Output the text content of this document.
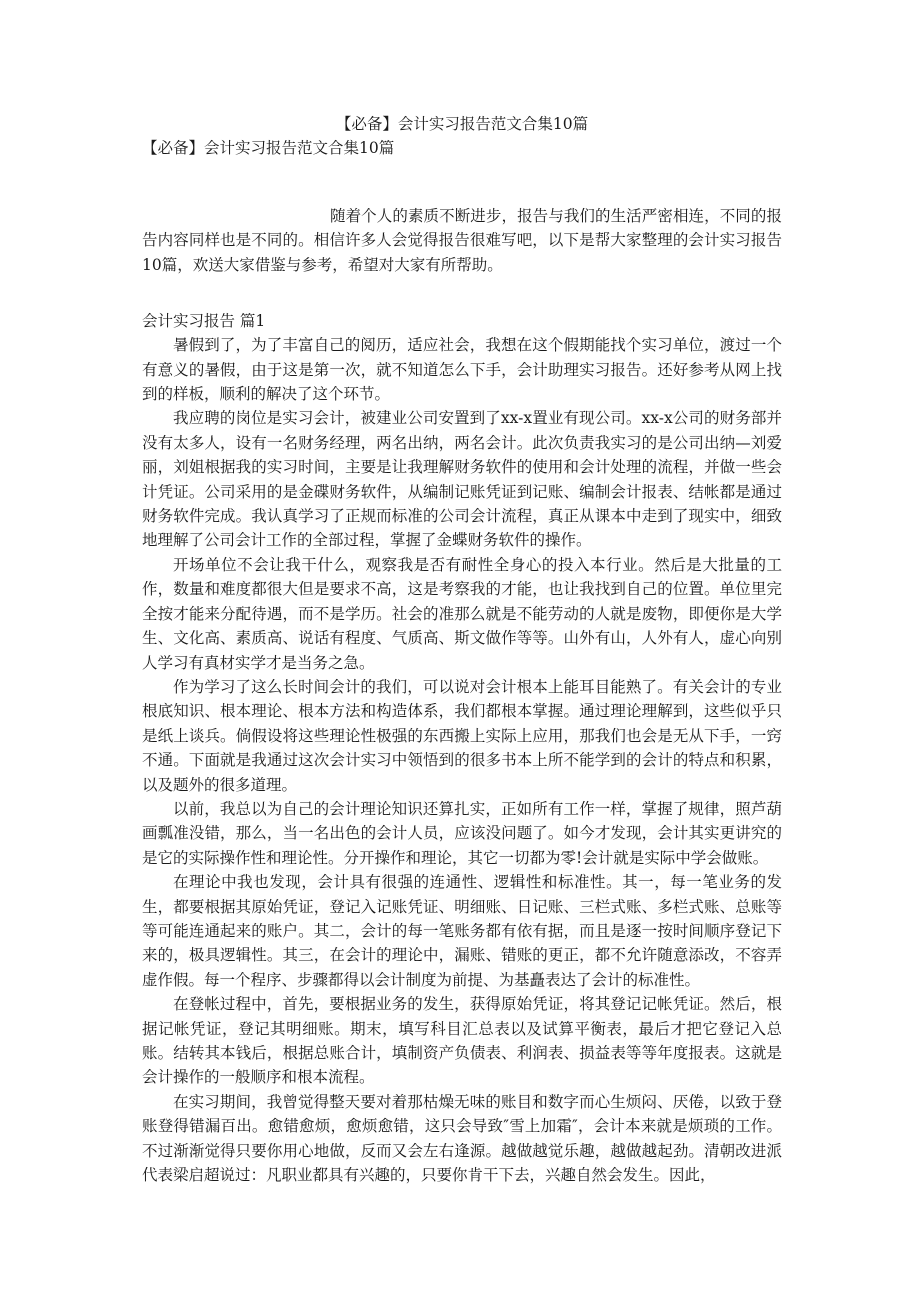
【必备】会计实习报告范文合集10篇
【必备】会计实习报告范文合集10篇

随着个人的素质不断进步，报告与我们的生活严密相连，不同的报告内容同样也是不同的。相信许多人会觉得报告很难写吧，以下是帮大家整理的会计实习报告10篇，欢送大家借鉴与参考，希望对大家有所帮助。

会计实习报告 篇1

暑假到了，为了丰富自己的阅历，适应社会，我想在这个假期能找个实习单位，渡过一个有意义的暑假，由于这是第一次，就不知道怎么下手，会计助理实习报告。还好参考从网上找到的样板，顺利的解决了这个环节。

我应聘的岗位是实习会计，被建业公司安置到了xx-x置业有现公司。xx-x公司的财务部并没有太多人，设有一名财务经理，两名出纳，两名会计。此次负责我实习的是公司出纳—刘爱丽，刘姐根据我的实习时间，主要是让我理解财务软件的使用和会计处理的流程，并做一些会计凭证。公司采用的是金碟财务软件，从编制记账凭证到记账、编制会计报表、结帐都是通过财务软件完成。我认真学习了正规而标准的公司会计流程，真正从课本中走到了现实中，细致地理解了公司会计工作的全部过程，掌握了金蝶财务软件的操作。

开场单位不会让我干什么，观察我是否有耐性全身心的投入本行业。然后是大批量的工作，数量和难度都很大但是要求不高，这是考察我的才能，也让我找到自己的位置。单位里完全按才能来分配待遇，而不是学历。社会的准那么就是不能劳动的人就是废物，即便你是大学生、文化高、素质高、说话有程度、气质高、斯文做作等等。山外有山，人外有人，虚心向别人学习有真材实学才是当务之急。

作为学习了这么长时间会计的我们，可以说对会计根本上能耳目能熟了。有关会计的专业根底知识、根本理论、根本方法和构造体系，我们都根本掌握。通过理论理解到，这些似乎只是纸上谈兵。倘假设将这些理论性极强的东西搬上实际上应用，那我们也会是无从下手，一窍不通。下面就是我通过这次会计实习中领悟到的很多书本上所不能学到的会计的特点和积累，以及题外的很多道理。

以前，我总以为自己的会计理论知识还算扎实，正如所有工作一样，掌握了规律，照芦葫画瓢准没错，那么，当一名出色的会计人员，应该没问题了。如今才发现，会计其实更讲究的是它的实际操作性和理论性。分开操作和理论，其它一切都为零!会计就是实际中学会做账。

在理论中我也发现，会计具有很强的连通性、逻辑性和标准性。其一，每一笔业务的发生，都要根据其原始凭证，登记入记账凭证、明细账、日记账、三栏式账、多栏式账、总账等等可能连通起来的账户。其二，会计的每一笔账务都有依有据，而且是逐一按时间顺序登记下来的，极具逻辑性。其三，在会计的理论中，漏账、错账的更正，都不允许随意添改，不容弄虚作假。每一个程序、步骤都得以会计制度为前提、为基矗表达了会计的标准性。

在登帐过程中，首先，要根据业务的发生，获得原始凭证，将其登记记帐凭证。然后，根据记帐凭证，登记其明细账。期末，填写科目汇总表以及试算平衡表，最后才把它登记入总账。结转其本钱后，根据总账合计，填制资产负债表、利润表、损益表等等年度报表。这就是会计操作的一般顺序和根本流程。

在实习期间，我曾觉得整天要对着那枯燥无味的账目和数字而心生烦闷、厌倦，以致于登账登得错漏百出。愈错愈烦，愈烦愈错，这只会导致″雪上加霜″，会计本来就是烦琐的工作。不过渐渐觉得只要你用心地做，反而又会左右逢源。越做越觉乐趣，越做越起劲。清朝改进派代表梁启超说过：凡职业都具有兴趣的，只要你肯干下去，兴趣自然会发生。因此，
